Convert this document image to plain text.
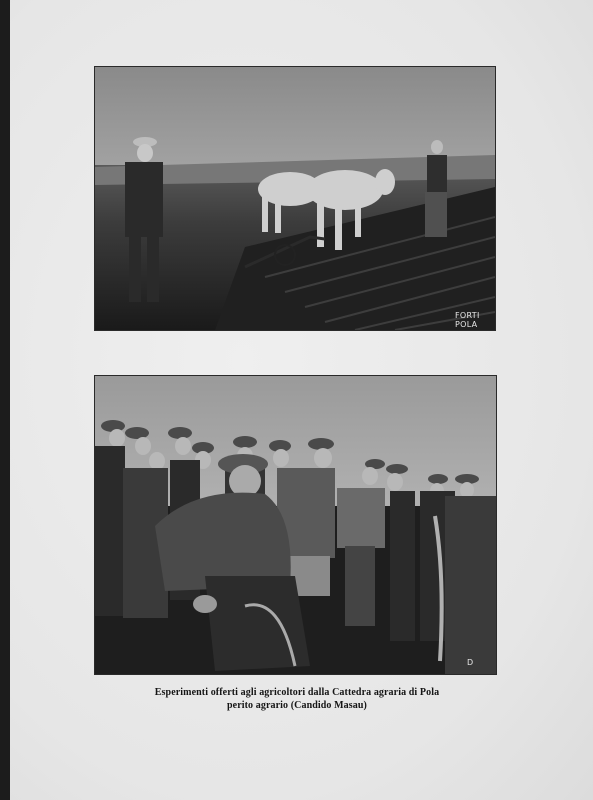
FORTI POLA
D
Esperimenti offerti agli agricoltori dalla Cattedra agraria di Pola
perito agrario (Candido Masau)
